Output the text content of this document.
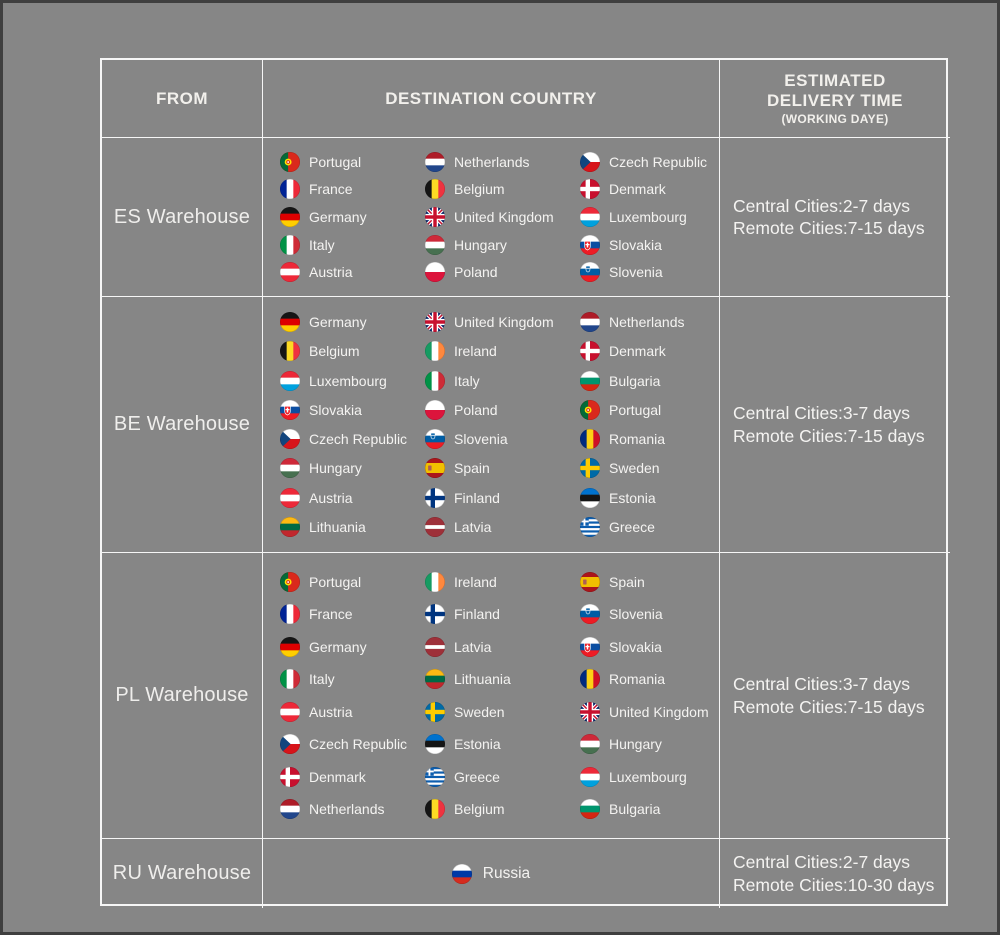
FROM	DESTINATION COUNTRY
ESTIMATED
DELIVERY TIME
(WORKING DAYE)
ES Warehouse
Portugal
France
Germany
Italy
Austria
Netherlands
Belgium
United Kingdom
Hungary
Poland
Czech Republic
Denmark
Luxembourg
Slovakia
Slovenia
Central Cities:2-7 days
Remote Cities:7-15 days
BE Warehouse
Germany
Belgium
Luxembourg
Slovakia
Czech Republic
Hungary
Austria
Lithuania
United Kingdom
Ireland
Italy
Poland
Slovenia
Spain
Finland
Latvia
Netherlands
Denmark
Bulgaria
Portugal
Romania
Sweden
Estonia
Greece
Central Cities:3-7 days
Remote Cities:7-15 days
PL Warehouse
Portugal
France
Germany
Italy
Austria
Czech Republic
Denmark
Netherlands
Ireland
Finland
Latvia
Lithuania
Sweden
Estonia
Greece
Belgium
Spain
Slovenia
Slovakia
Romania
United Kingdom
Hungary
Luxembourg
Bulgaria
Central Cities:3-7 days
Remote Cities:7-15 days
RU Warehouse	Russia
Central Cities:2-7 days
Remote Cities:10-30 days
